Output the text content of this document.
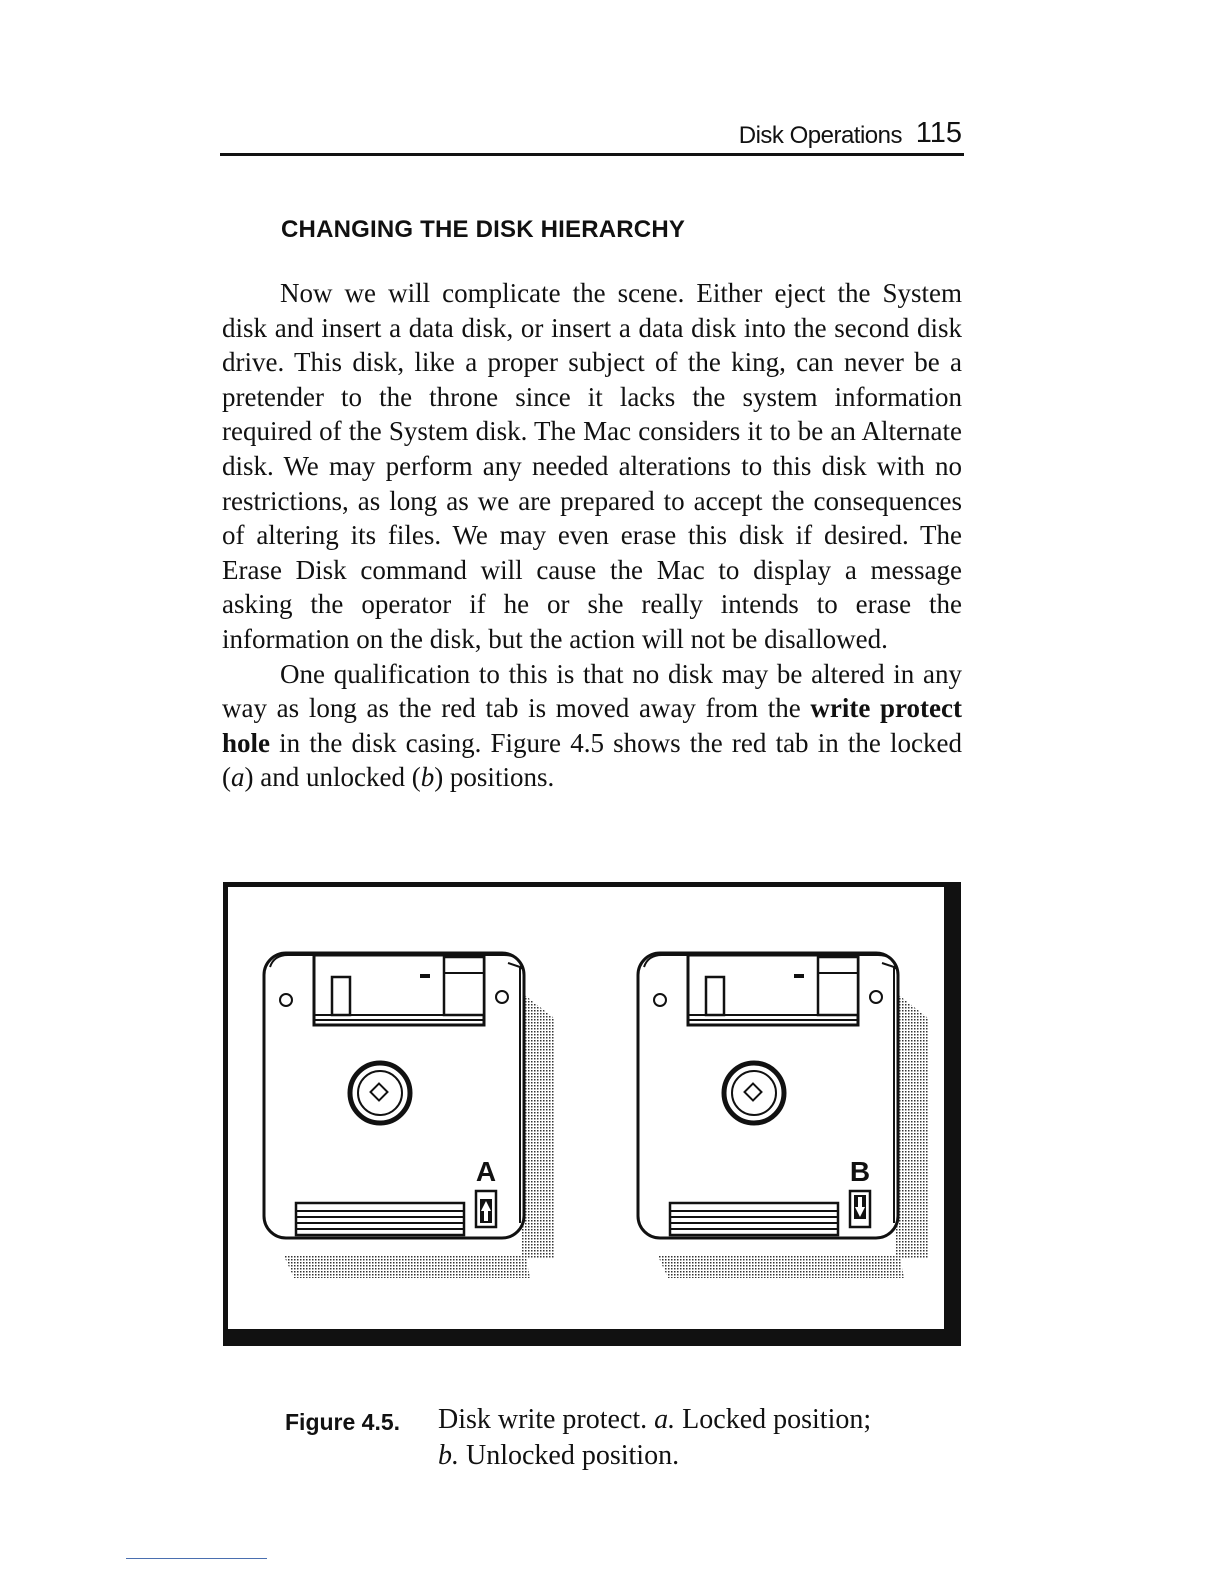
Disk Operations 115
CHANGING THE DISK HIERARCHY

Now we will complicate the scene. Either eject the System disk and insert a data disk, or insert a data disk into the second disk drive. This disk, like a proper subject of the king, can never be a pretender to the throne since it lacks the system information required of the System disk. The Mac considers it to be an Alternate disk. We may perform any needed alterations to this disk with no restrictions, as long as we are prepared to accept the consequences of altering its files. We may even erase this disk if desired. The Erase Disk command will cause the Mac to display a message asking the operator if he or she really intends to erase the information on the disk, but the action will not be disallowed.

One qualification to this is that no disk may be altered in any way as long as the red tab is moved away from the write protect hole in the disk casing. Figure 4.5 shows the red tab in the locked (a) and unlocked (b) positions.

A	B
Figure 4.5. Disk write protect. a. Locked position;
b. Unlocked position.
